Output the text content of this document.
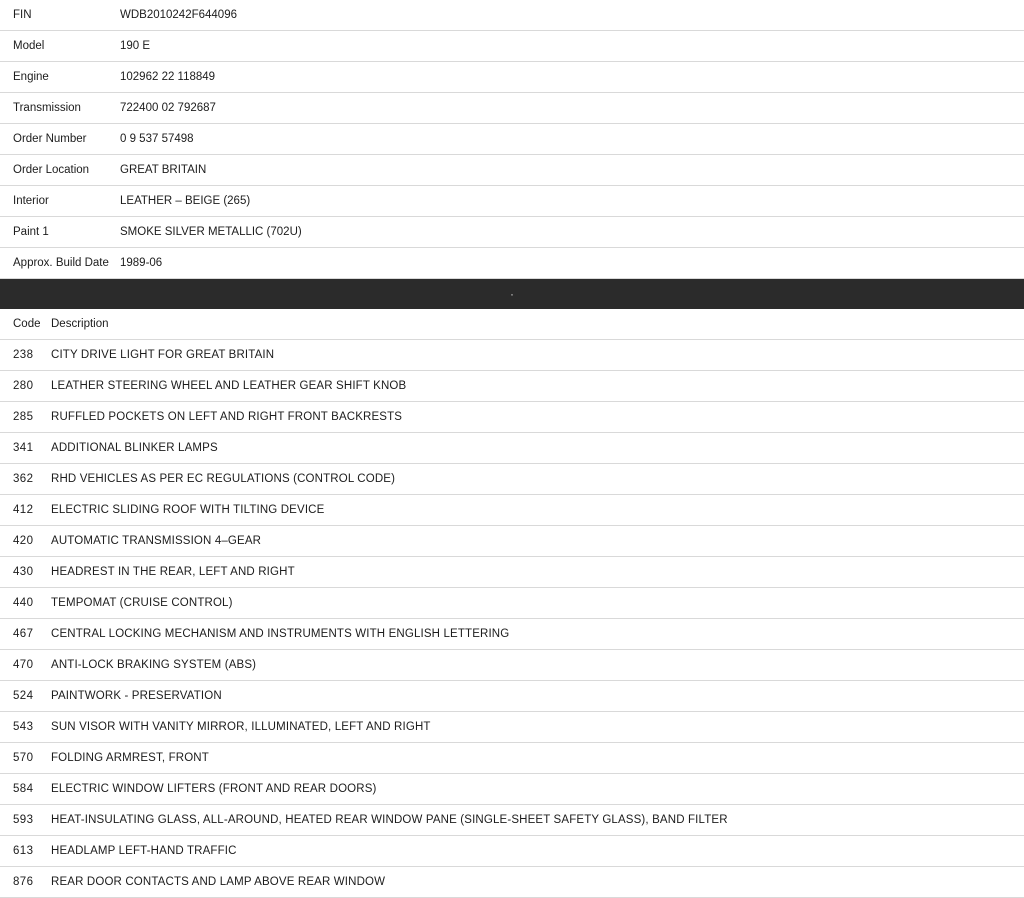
FIN	WDB2010242F644096
Model	190 E
Engine	102962 22 118849
Transmission	722400 02 792687
Order Number	0 9 537 57498
Order Location	GREAT BRITAIN
Interior	LEATHER – BEIGE (265)
Paint 1	SMOKE SILVER METALLIC (702U)
Approx. Build Date	1989-06
·
Code	Description
238	CITY DRIVE LIGHT FOR GREAT BRITAIN
280	LEATHER STEERING WHEEL AND LEATHER GEAR SHIFT KNOB
285	RUFFLED POCKETS ON LEFT AND RIGHT FRONT BACKRESTS
341	ADDITIONAL BLINKER LAMPS
362	RHD VEHICLES AS PER EC REGULATIONS (CONTROL CODE)
412	ELECTRIC SLIDING ROOF WITH TILTING DEVICE
420	AUTOMATIC TRANSMISSION 4–GEAR
430	HEADREST IN THE REAR, LEFT AND RIGHT
440	TEMPOMAT (CRUISE CONTROL)
467	CENTRAL LOCKING MECHANISM AND INSTRUMENTS WITH ENGLISH LETTERING
470	ANTI-LOCK BRAKING SYSTEM (ABS)
524	PAINTWORK - PRESERVATION
543	SUN VISOR WITH VANITY MIRROR, ILLUMINATED, LEFT AND RIGHT
570	FOLDING ARMREST, FRONT
584	ELECTRIC WINDOW LIFTERS (FRONT AND REAR DOORS)
593	HEAT-INSULATING GLASS, ALL-AROUND, HEATED REAR WINDOW PANE (SINGLE-SHEET SAFETY GLASS), BAND FILTER
613	HEADLAMP LEFT-HAND TRAFFIC
876	REAR DOOR CONTACTS AND LAMP ABOVE REAR WINDOW
